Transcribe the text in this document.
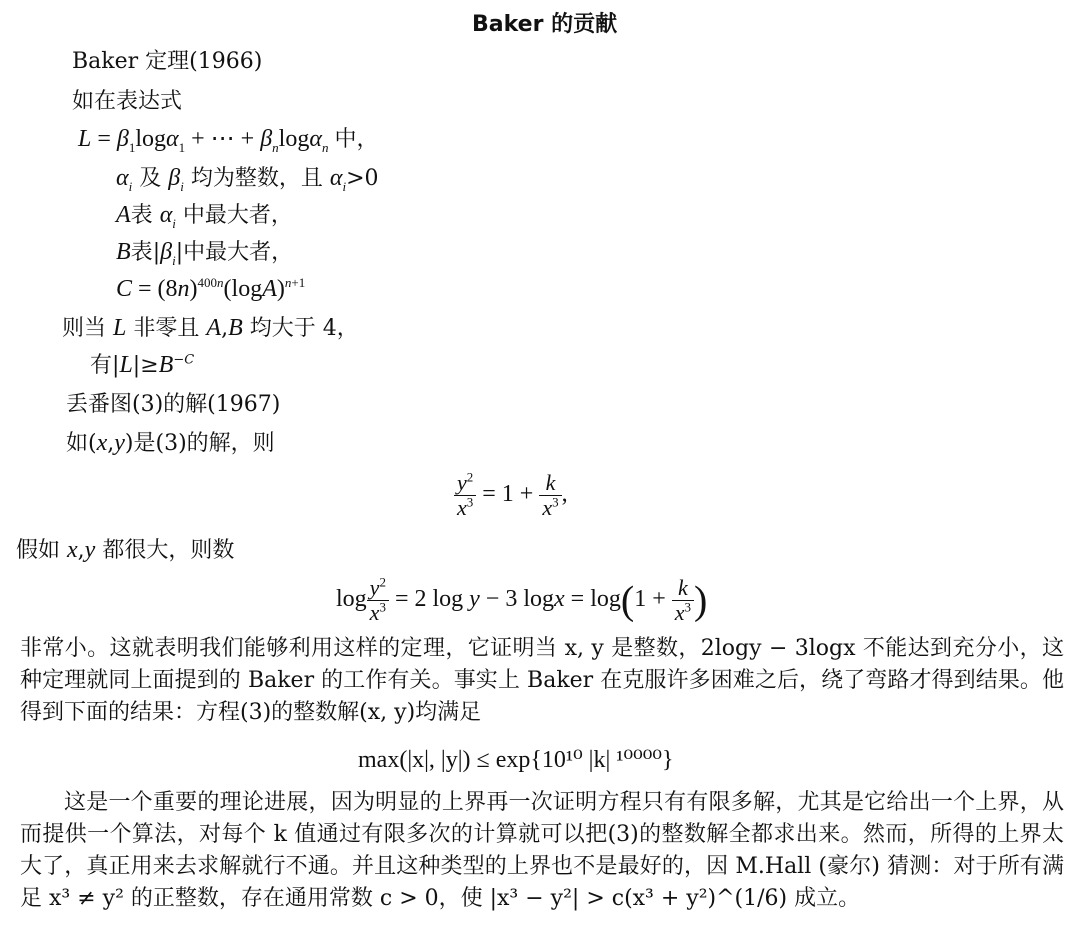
Baker 的贡献
Baker 定理(1966)
如在表达式
$L = \beta_1\log\alpha_1$ + ⋯ + $\beta_n\log\alpha_n$ 中，
$\alpha_i$ 及 $\beta_i$ 均为整数，且 $\alpha_i>0$
A表 $\alpha_i$ 中最大者，
B表$|\beta_i|$中最大者，
$C = (8n)^{400n}(\log A)^{n+1}$
则当 L 非零且 A,B 均大于 4，
有$|L|\ge B^{-C}$
丢番图(3)的解(1967)
如(x,y)是(3)的解，则
$\frac{y^2}{x^3} = 1 + \frac{k}{x^3}$ ,
假如 x,y 都很大，则数
$\log \frac{y^2}{x^3} = 2$ log y − 3 $\log x = \log(1 + \frac{k}{x^3}$ )
非常小。这就表明我们能够利用这样的定理，它证明当 x, y 是整数，2logy − 3logx 不能达到充分小，这种定理就同上面提到的 Baker 的工作有关。事实上 Baker 在克服许多困难之后，绕了弯路才得到结果。他得到下面的结果：方程(3)的整数解(x, y)均满足
max(|x|, |y|) ≤ exp{10¹⁰ |k| ¹⁰⁰⁰⁰}
这是一个重要的理论进展，因为明显的上界再一次证明方程只有有限多解，尤其是它给出一个上界，从而提供一个算法，对每个 k 值通过有限多次的计算就可以把(3)的整数解全都求出来。然而，所得的上界太大了，真正用来去求解就行不通。并且这种类型的上界也不是最好的，因 M.Hall (豪尔) 猜测：对于所有满足 x³ ≠ y² 的正整数，存在通用常数 c > 0，使 |x³ − y²| > c(x³ + y²)^(1/6) 成立。
